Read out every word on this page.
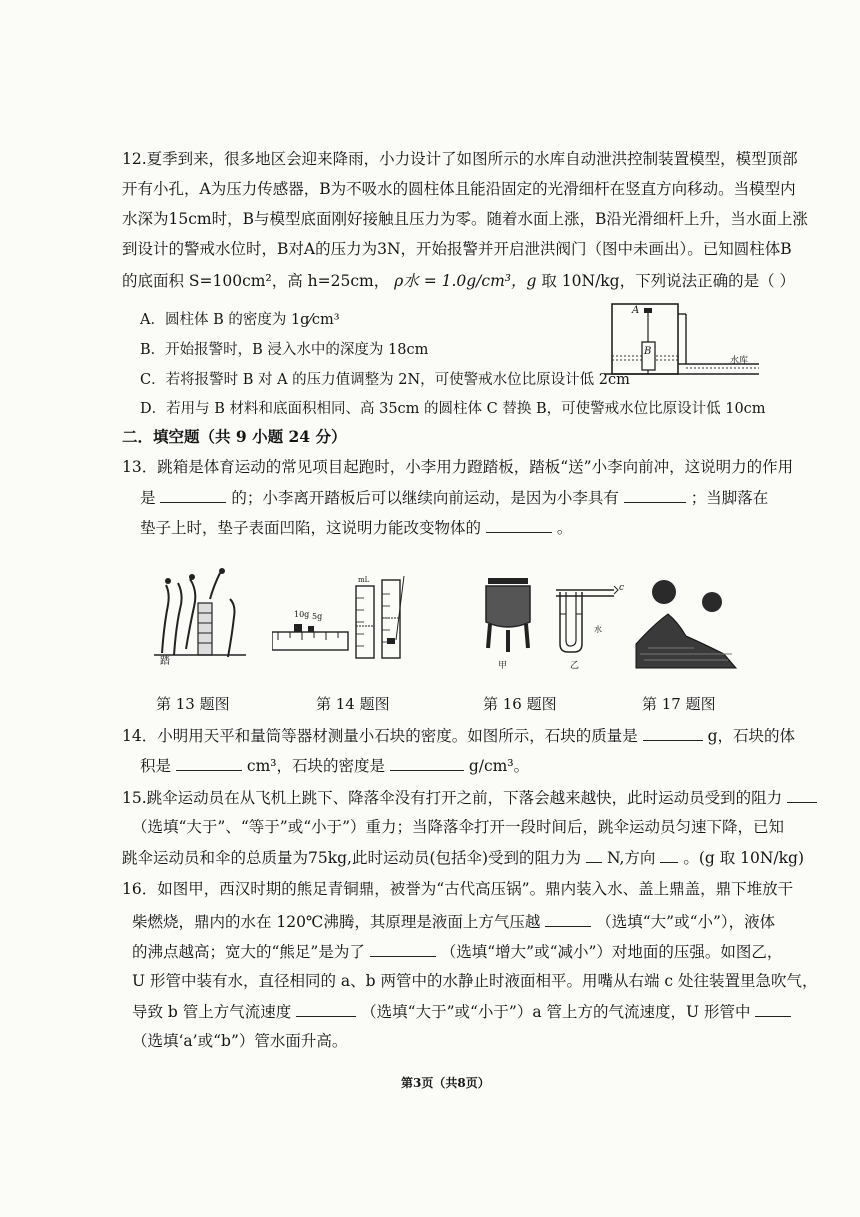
12.夏季到来，很多地区会迎来降雨，小力设计了如图所示的水库自动泄洪控制装置模型，模型顶部
开有小孔，A为压力传感器，B为不吸水的圆柱体且能沿固定的光滑细杆在竖直方向移动。当模型内
水深为15cm时，B与模型底面刚好接触且压力为零。随着水面上涨，B沿光滑细杆上升，当水面上涨
到设计的警戒水位时，B对A的压力为3N，开始报警并开启泄洪阀门（图中未画出）。已知圆柱体B
的底面积 S=100cm²，高 h=25cm， ρ水 = 1.0g/cm³，g 取 10N/kg，下列说法正确的是（ ）
A．圆柱体 B 的密度为 1g⁄cm³
B．开始报警时，B 浸入水中的深度为 18cm
C．若将报警时 B 对 A 的压力值调整为 2N，可使警戒水位比原设计低 2cm
D．若用与 B 材料和底面积相同、高 35cm 的圆柱体 C 替换 B，可使警戒水位比原设计低 10cm
A
B
水库
二．填空题（共 9 小题 24 分）
13．跳箱是体育运动的常见项目起跑时，小李用力蹬踏板，踏板“送”小李向前冲，这说明力的作用
是	的；小李离开踏板后可以继续向前运动，是因为小李具有	；当脚落在
垫子上时，垫子表面凹陷，这说明力能改变物体的	。
踏
10g 5g
mL
甲	乙
c
水
第 13 题图	第 14 题图	第 16 题图	第 17 题图
14．小明用天平和量筒等器材测量小石块的密度。如图所示，石块的质量是	g，石块的体
积是	cm³，石块的密度是	g/cm³。
15.跳伞运动员在从飞机上跳下、降落伞没有打开之前，下落会越来越快，此时运动员受到的阻力
（选填“大于”、“等于”或“小于”）重力；当降落伞打开一段时间后，跳伞运动员匀速下降，已知
跳伞运动员和伞的总质量为75kg,此时运动员(包括伞)受到的阻力为 N,方向 。(g 取 10N/kg)
16．如图甲，西汉时期的熊足青铜鼎，被誉为“古代高压锅”。鼎内装入水、盖上鼎盖，鼎下堆放干
柴燃烧，鼎内的水在 120℃沸腾，其原理是液面上方气压越	（选填“大”或“小”），液体
的沸点越高；宽大的“熊足”是为了	（选填“增大”或“减小”）对地面的压强。如图乙，
U 形管中装有水，直径相同的 a、b 两管中的水静止时液面相平。用嘴从右端 c 处往装置里急吹气，
导致 b 管上方气流速度	（选填“大于”或“小于”）a 管上方的气流速度，U 形管中
（选填‘a’或“b”）管水面升高。
第3页（共8页）
